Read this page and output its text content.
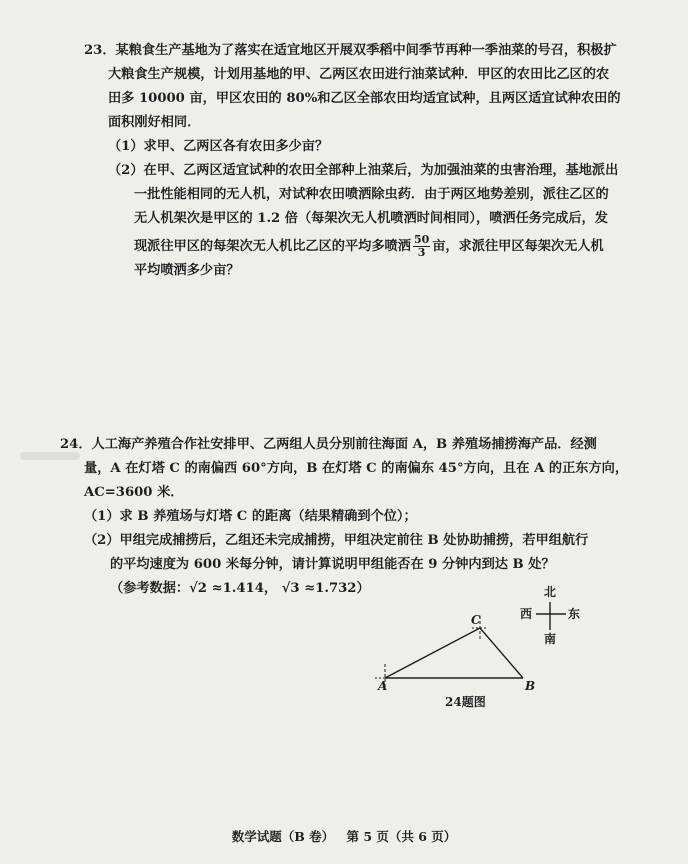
23．某粮食生产基地为了落实在适宜地区开展双季稻中间季节再种一季油菜的号召，积极扩
大粮食生产规模，计划用基地的甲、乙两区农田进行油菜试种．甲区的农田比乙区的农
田多 10000 亩，甲区农田的 80%和乙区全部农田均适宜试种，且两区适宜试种农田的
面积刚好相同．
（1）求甲、乙两区各有农田多少亩？
（2）在甲、乙两区适宜试种的农田全部种上油菜后，为加强油菜的虫害治理，基地派出
一批性能相同的无人机，对试种农田喷洒除虫药．由于两区地势差别，派往乙区的
无人机架次是甲区的 1.2 倍（每架次无人机喷洒时间相同），喷洒任务完成后，发
现派往甲区的每架次无人机比乙区的平均多喷洒 $\frac{50}{3}$ 亩，求派往甲区每架次无人机
平均喷洒多少亩？
24．人工海产养殖合作社安排甲、乙两组人员分别前往海面 A，B 养殖场捕捞海产品．经测
量，A 在灯塔 C 的南偏西 60°方向，B 在灯塔 C 的南偏东 45°方向，且在 A 的正东方向，
AC=3600 米．
（1）求 B 养殖场与灯塔 C 的距离（结果精确到个位）；
（2）甲组完成捕捞后，乙组还未完成捕捞，甲组决定前往 B 处协助捕捞，若甲组航行
的平均速度为 600 米每分钟，请计算说明甲组能否在 9 分钟内到达 B 处？
（参考数据：√2 ≈1.414， √3 ≈1.732）	北
南
西	东
C
A	B
24题图
数学试题（B 卷） 第 5 页（共 6 页）
